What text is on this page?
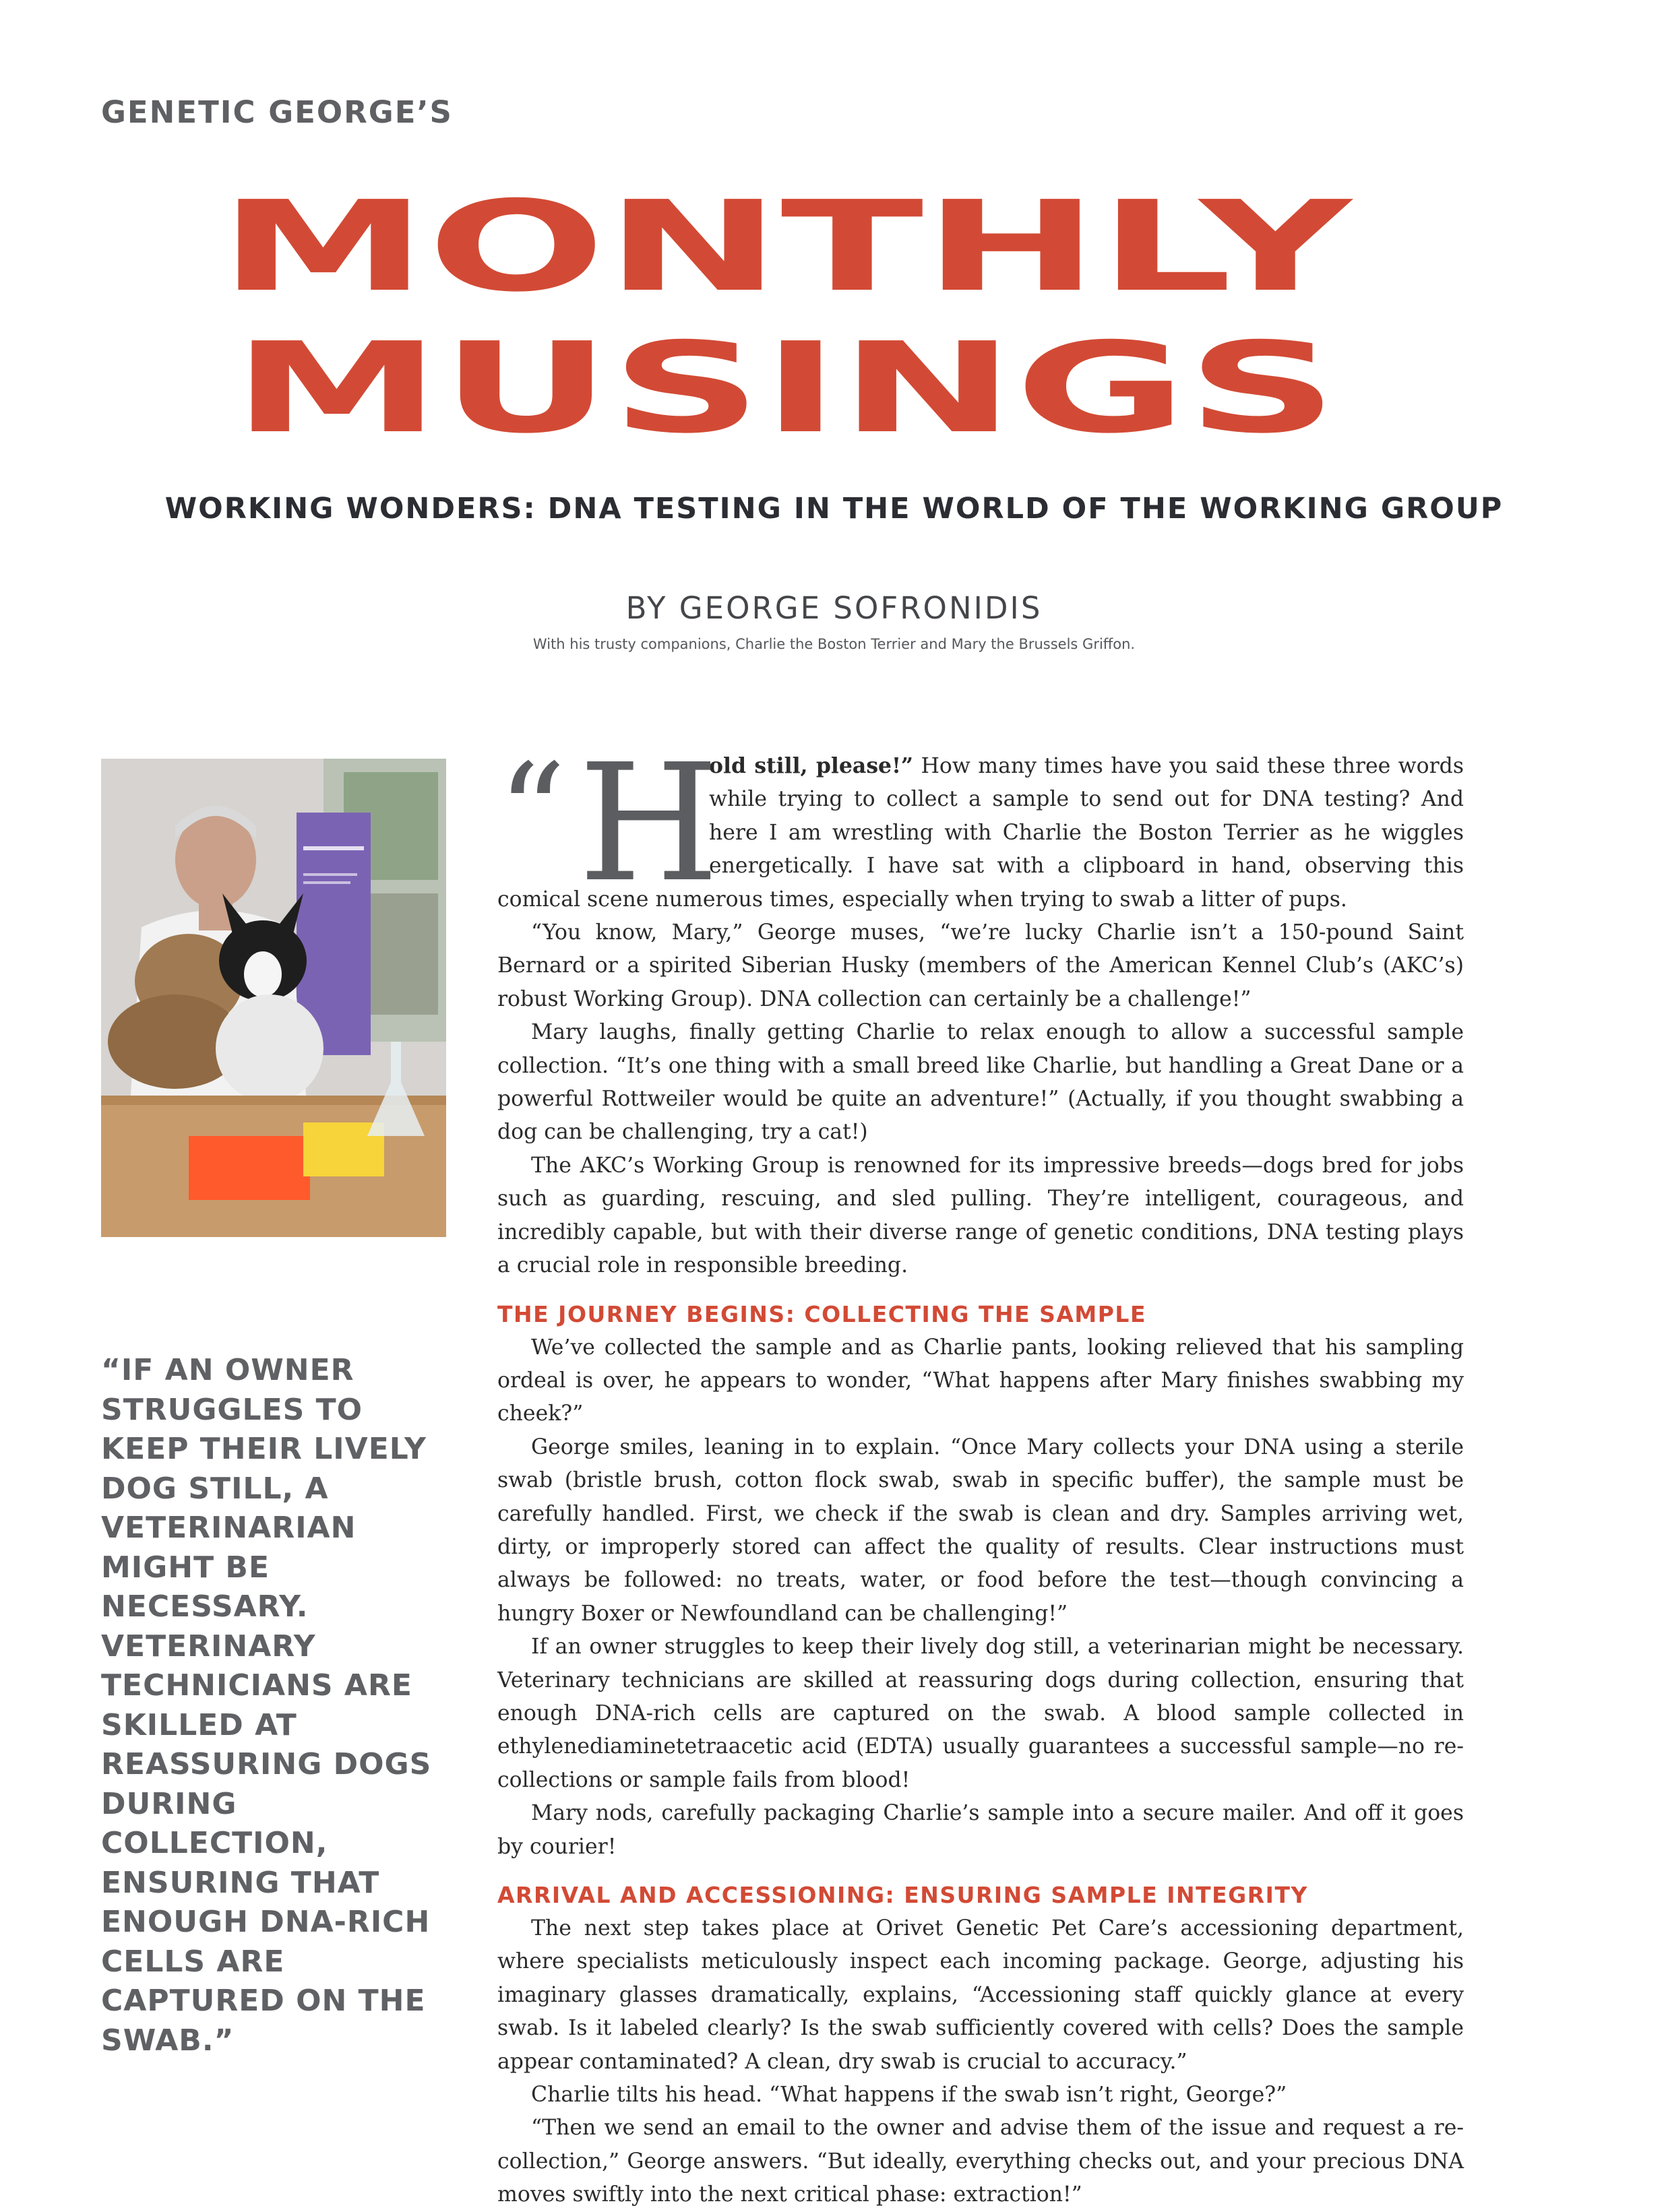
GENETIC GEORGE’S
MONTHLY
MUSINGS
WORKING WONDERS: DNA TESTING IN THE WORLD OF THE WORKING GROUP

BY GEORGE SOFRONIDIS

With his trusty companions, Charlie the Boston Terrier and Mary the Brussels Griffon.

“IF AN OWNER STRUGGLES TO KEEP THEIR LIVELY DOG STILL, A VETERINARIAN MIGHT BE NECESSARY. VETERINARY TECHNICIANS ARE SKILLED AT REASSURING DOGS DURING COLLECTION, ENSURING THAT ENOUGH DNA-RICH CELLS ARE CAPTURED ON THE SWAB.”

“ H
old still, please!” How many times have you said these three words while trying to collect a sample to send out for DNA testing? And here I am wrestling with Charlie the Boston Terrier as he wiggles energetically. I have sat with a clipboard in hand, observing this comical scene numerous times, especially when trying to swab a litter of pups.

“You know, Mary,” George muses, “we’re lucky Charlie isn’t a 150-pound Saint Bernard or a spirited Siberian Husky (members of the American Kennel Club’s (AKC’s) robust Working Group). DNA collection can certainly be a challenge!”

Mary laughs, finally getting Charlie to relax enough to allow a successful sample collection. “It’s one thing with a small breed like Charlie, but handling a Great Dane or a powerful Rottweiler would be quite an adventure!” (Actually, if you thought swabbing a dog can be challenging, try a cat!)

The AKC’s Working Group is renowned for its impressive breeds—dogs bred for jobs such as guarding, rescuing, and sled pulling. They’re intelligent, courageous, and incredibly capable, but with their diverse range of genetic conditions, DNA testing plays a crucial role in responsible breeding.

THE JOURNEY BEGINS: COLLECTING THE SAMPLE

We’ve collected the sample and as Charlie pants, looking relieved that his sampling ordeal is over, he appears to wonder, “What happens after Mary finishes swabbing my cheek?”

George smiles, leaning in to explain. “Once Mary collects your DNA using a sterile swab (bristle brush, cotton flock swab, swab in specific buffer), the sample must be carefully handled. First, we check if the swab is clean and dry. Samples arriving wet, dirty, or improperly stored can affect the quality of results. Clear instructions must always be followed: no treats, water, or food before the test—though convincing a hungry Boxer or Newfoundland can be challenging!”

If an owner struggles to keep their lively dog still, a veterinarian might be necessary. Veterinary technicians are skilled at reassuring dogs during collection, ensuring that enough DNA-rich cells are captured on the swab. A blood sample collected in ethylenediaminetetraacetic acid (EDTA) usually guarantees a successful sample—no re-collections or sample fails from blood!

Mary nods, carefully packaging Charlie’s sample into a secure mailer. And off it goes by courier!

ARRIVAL AND ACCESSIONING: ENSURING SAMPLE INTEGRITY

The next step takes place at Orivet Genetic Pet Care’s accessioning department, where specialists meticulously inspect each incoming package. George, adjusting his imaginary glasses dramatically, explains, “Accessioning staff quickly glance at every swab. Is it labeled clearly? Is the swab sufficiently covered with cells? Does the sample appear contaminated? A clean, dry swab is crucial to accuracy.”

Charlie tilts his head. “What happens if the swab isn’t right, George?”

“Then we send an email to the owner and advise them of the issue and request a re-collection,” George answers. “But ideally, everything checks out, and your precious DNA moves swiftly into the next critical phase: extraction!”
